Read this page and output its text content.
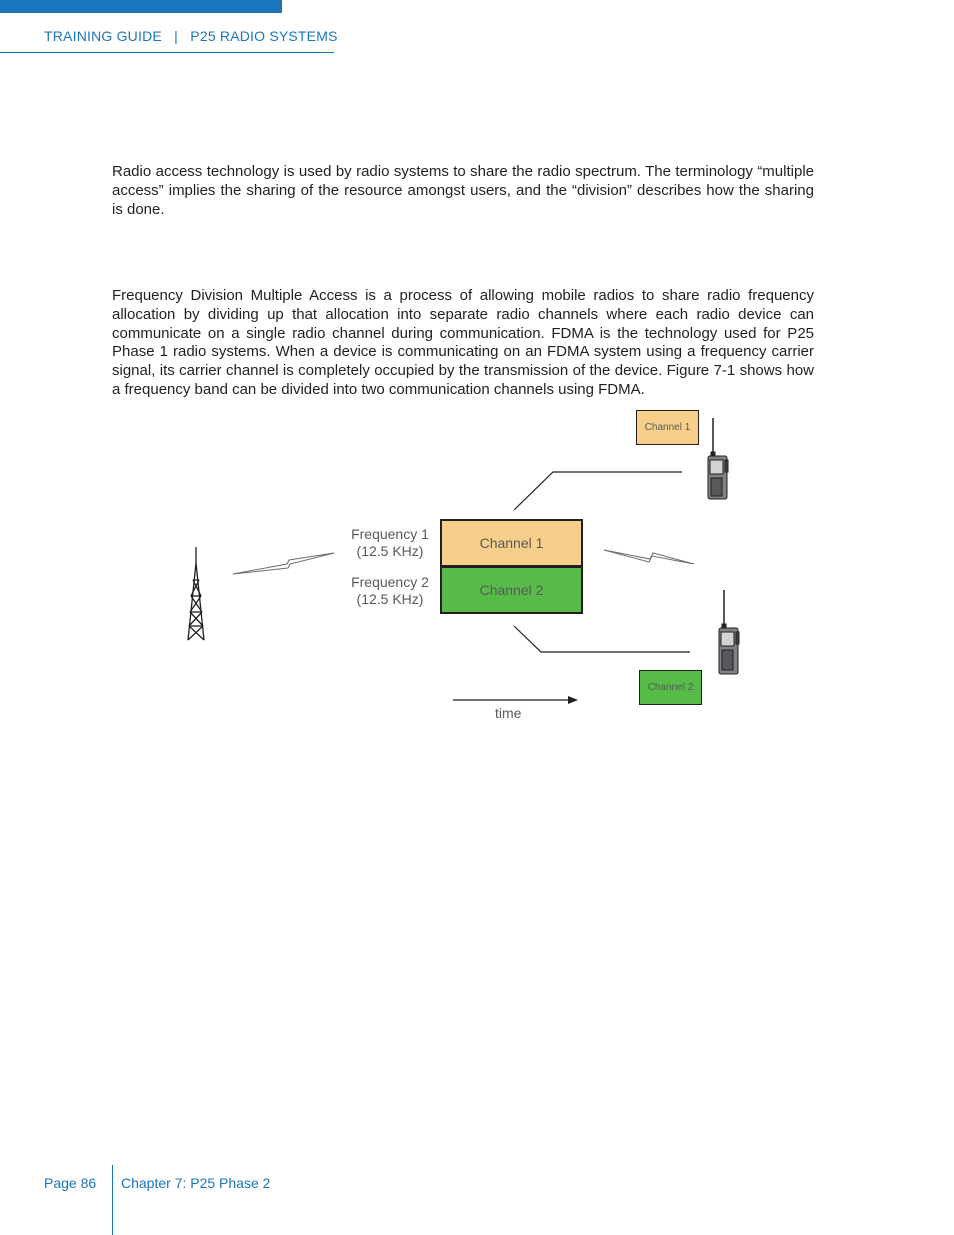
TRAINING GUIDE   |   P25 RADIO SYSTEMS

Radio access technology is used by radio systems to share the radio spectrum. The terminology “multiple access” implies the sharing of the resource amongst users, and the “division” describes how the sharing is done.

Frequency Division Multiple Access is a process of allowing mobile radios to share radio frequency allocation by dividing up that allocation into separate radio channels where each radio device can communicate on a single radio channel during communication. FDMA is the technology used for P25 Phase 1 radio systems. When a device is communicating on an FDMA system using a frequency carrier signal, its carrier channel is completely occupied by the transmission of the device. Figure 7-1 shows how a frequency band can be divided into two communication channels using FDMA.

Frequency 1
(12.5 KHz)
Frequency 2
(12.5 KHz)
Channel 1
Channel 2
Channel 1
Channel 2
time
Page 86 Chapter 7: P25 Phase 2
